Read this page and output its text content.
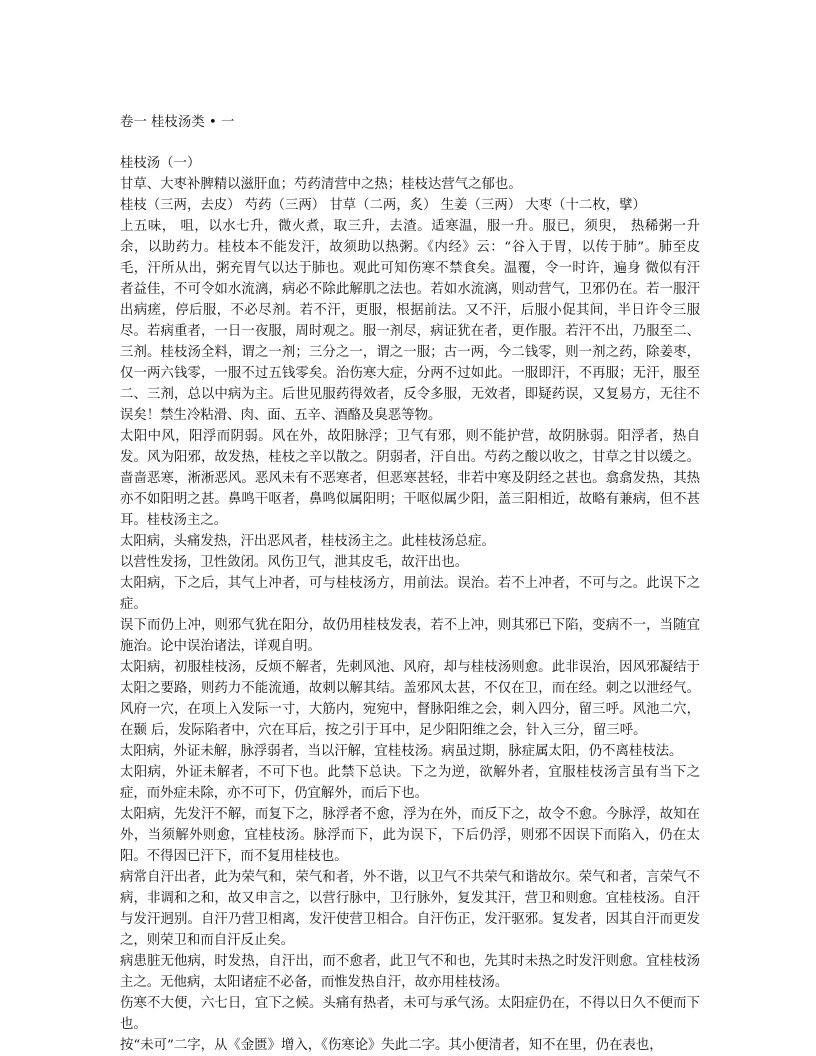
卷一 桂枝汤类 • 一
桂枝汤（一）

甘草、大枣补脾精以滋肝血；芍药清营中之热；桂枝达营气之郁也。

桂枝（三两，去皮） 芍药（三两） 甘草（二两，炙） 生姜（三两） 大枣（十二枚，擘）

上五味， 咀，以水七升，微火煮，取三升，去渣。适寒温，服一升。服已，须臾， 热稀粥一升余，以助药力。桂枝本不能发汗，故须助以热粥。《内经》云：“谷入于胃，以传于肺”。肺至皮毛，汗所从出，粥充胃气以达于肺也。观此可知伤寒不禁食矣。温覆，令一时许，遍身 微似有汗者益佳，不可令如水流漓，病必不除此解肌之法也。若如水流漓，则动营气，卫邪仍在。若一服汗出病瘥，停后服，不必尽剂。若不汗，更服，根据前法。又不汗，后服小促其间，半日许令三服尽。若病重者，一日一夜服，周时观之。服一剂尽，病证犹在者，更作服。若汗不出，乃服至二、三剂。桂枝汤全料，谓之一剂；三分之一，谓之一服；古一两，今二钱零，则一剂之药，除姜枣，仅一两六钱零，一服不过五钱零矣。治伤寒大症，分两不过如此。一服即汗，不再服；无汗，服至二、三剂，总以中病为主。后世见服药得效者，反令多服，无效者，即疑药误，又复易方，无往不误矣！禁生冷粘滑、肉、面、五辛、酒酪及臭恶等物。

太阳中风，阳浮而阴弱。风在外，故阳脉浮；卫气有邪，则不能护营，故阴脉弱。阳浮者，热自发。风为阳邪，故发热，桂枝之辛以散之。阴弱者，汗自出。芍药之酸以收之，甘草之甘以缓之。啬啬恶寒，淅淅恶风。恶风未有不恶寒者，但恶寒甚轻，非若中寒及阴经之甚也。翕翕发热，其热亦不如阳明之甚。鼻鸣干呕者，鼻鸣似属阳明；干呕似属少阳，盖三阳相近，故略有兼病，但不甚耳。桂枝汤主之。

太阳病，头痛发热，汗出恶风者，桂枝汤主之。此桂枝汤总症。

以营性发扬，卫性敛闭。风伤卫气，泄其皮毛，故汗出也。

太阳病，下之后，其气上冲者，可与桂枝汤方，用前法。误治。若不上冲者，不可与之。此误下之症。

误下而仍上冲，则邪气犹在阳分，故仍用桂枝发表，若不上冲，则其邪已下陷，变病不一，当随宜施治。论中误治诸法，详观自明。

太阳病，初服桂枝汤，反烦不解者，先刺风池、风府，却与桂枝汤则愈。此非误治，因风邪凝结于太阳之要路，则药力不能流通，故刺以解其结。盖邪风太甚，不仅在卫，而在经。刺之以泄经气。风府一穴，在项上入发际一寸，大筋内，宛宛中，督脉阳维之会，刺入四分，留三呼。风池二穴，在颞 后，发际陷者中，穴在耳后，按之引于耳中，足少阳阳维之会，针入三分，留三呼。

太阳病，外证未解，脉浮弱者，当以汗解，宜桂枝汤。病虽过期，脉症属太阳，仍不离桂枝法。

太阳病，外证未解者，不可下也。此禁下总诀。下之为逆，欲解外者，宜服桂枝汤言虽有当下之症，而外症未除，亦不可下，仍宜解外，而后下也。

太阳病，先发汗不解，而复下之，脉浮者不愈，浮为在外，而反下之，故令不愈。今脉浮，故知在外，当须解外则愈，宜桂枝汤。脉浮而下，此为误下，下后仍浮，则邪不因误下而陷入，仍在太阳。不得因已汗下，而不复用桂枝也。

病常自汗出者，此为荣气和，荣气和者，外不谐，以卫气不共荣气和谐故尔。荣气和者，言荣气不病，非调和之和，故又申言之，以营行脉中，卫行脉外，复发其汗，营卫和则愈。宜桂枝汤。自汗与发汗迥别。自汗乃营卫相离，发汗使营卫相合。自汗伤正，发汗驱邪。复发者，因其自汗而更发之，则荣卫和而自汗反止矣。

病患脏无他病，时发热，自汗出，而不愈者，此卫气不和也，先其时未热之时发汗则愈。宜桂枝汤主之。无他病，太阳诸症不必备，而惟发热自汗，故亦用桂枝汤。

伤寒不大便，六七日，宜下之候。头痛有热者，未可与承气汤。太阳症仍在，不得以日久不便而下也。

按“未可”二字，从《金匮》增入，《伤寒论》失此二字。其小便清者，知不在里，仍在表也，
